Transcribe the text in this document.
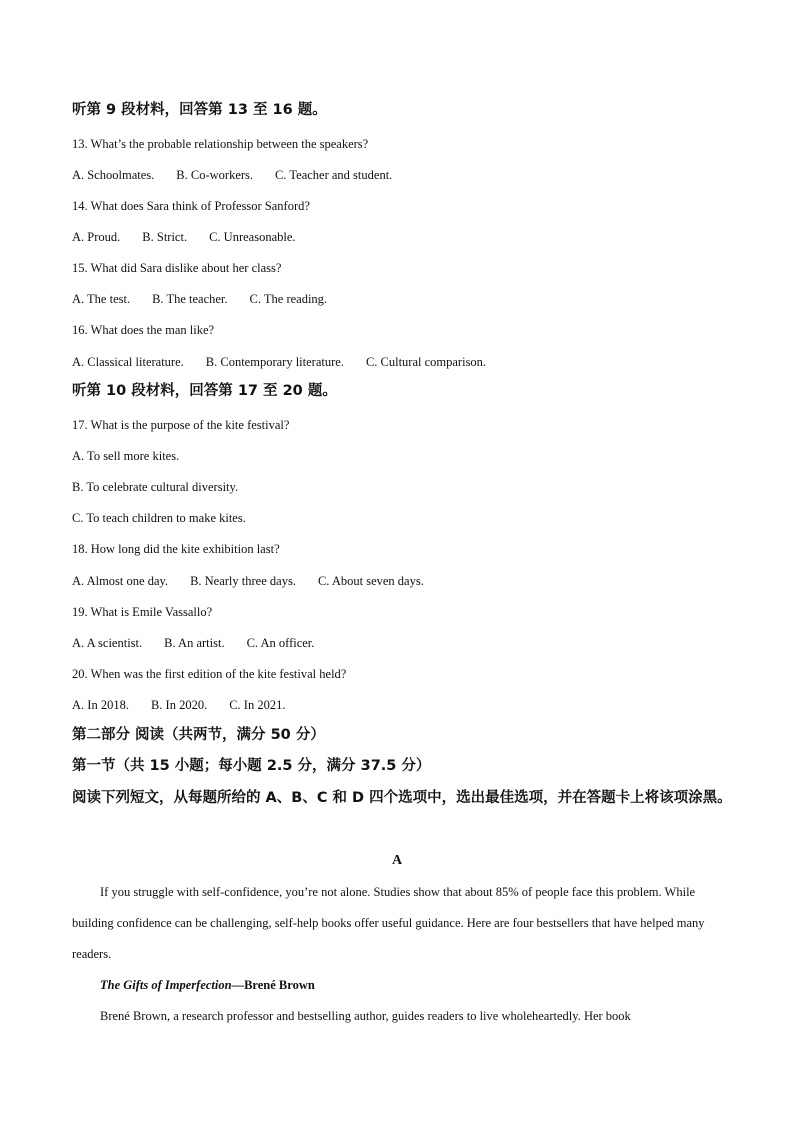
听第 9 段材料，回答第 13 至 16 题。
13. What’s the probable relationship between the speakers?
A. Schoolmates. B. Co-workers. C. Teacher and student.
14. What does Sara think of Professor Sanford?
A. Proud. B. Strict. C. Unreasonable.
15. What did Sara dislike about her class?
A. The test. B. The teacher. C. The reading.
16. What does the man like?
A. Classical literature. B. Contemporary literature. C. Cultural comparison.
听第 10 段材料，回答第 17 至 20 题。
17. What is the purpose of the kite festival?
A. To sell more kites.
B. To celebrate cultural diversity.
C. To teach children to make kites.
18. How long did the kite exhibition last?
A. Almost one day. B. Nearly three days. C. About seven days.
19. What is Emile Vassallo?
A. A scientist. B. An artist. C. An officer.
20. When was the first edition of the kite festival held?
A. In 2018. B. In 2020. C. In 2021.
第二部分 阅读（共两节，满分 50 分）
第一节（共 15 小题；每小题 2.5 分，满分 37.5 分）
阅读下列短文，从每题所给的 A、B、C 和 D 四个选项中，选出最佳选项，并在答题卡上将该项涂黑。
A
If you struggle with self-confidence, you’re not alone. Studies show that about 85% of people face this problem. While building confidence can be challenging, self-help books offer useful guidance. Here are four bestsellers that have helped many readers.
The Gifts of Imperfection—Brené Brown
Brené Brown, a research professor and bestselling author, guides readers to live wholeheartedly. Her book
